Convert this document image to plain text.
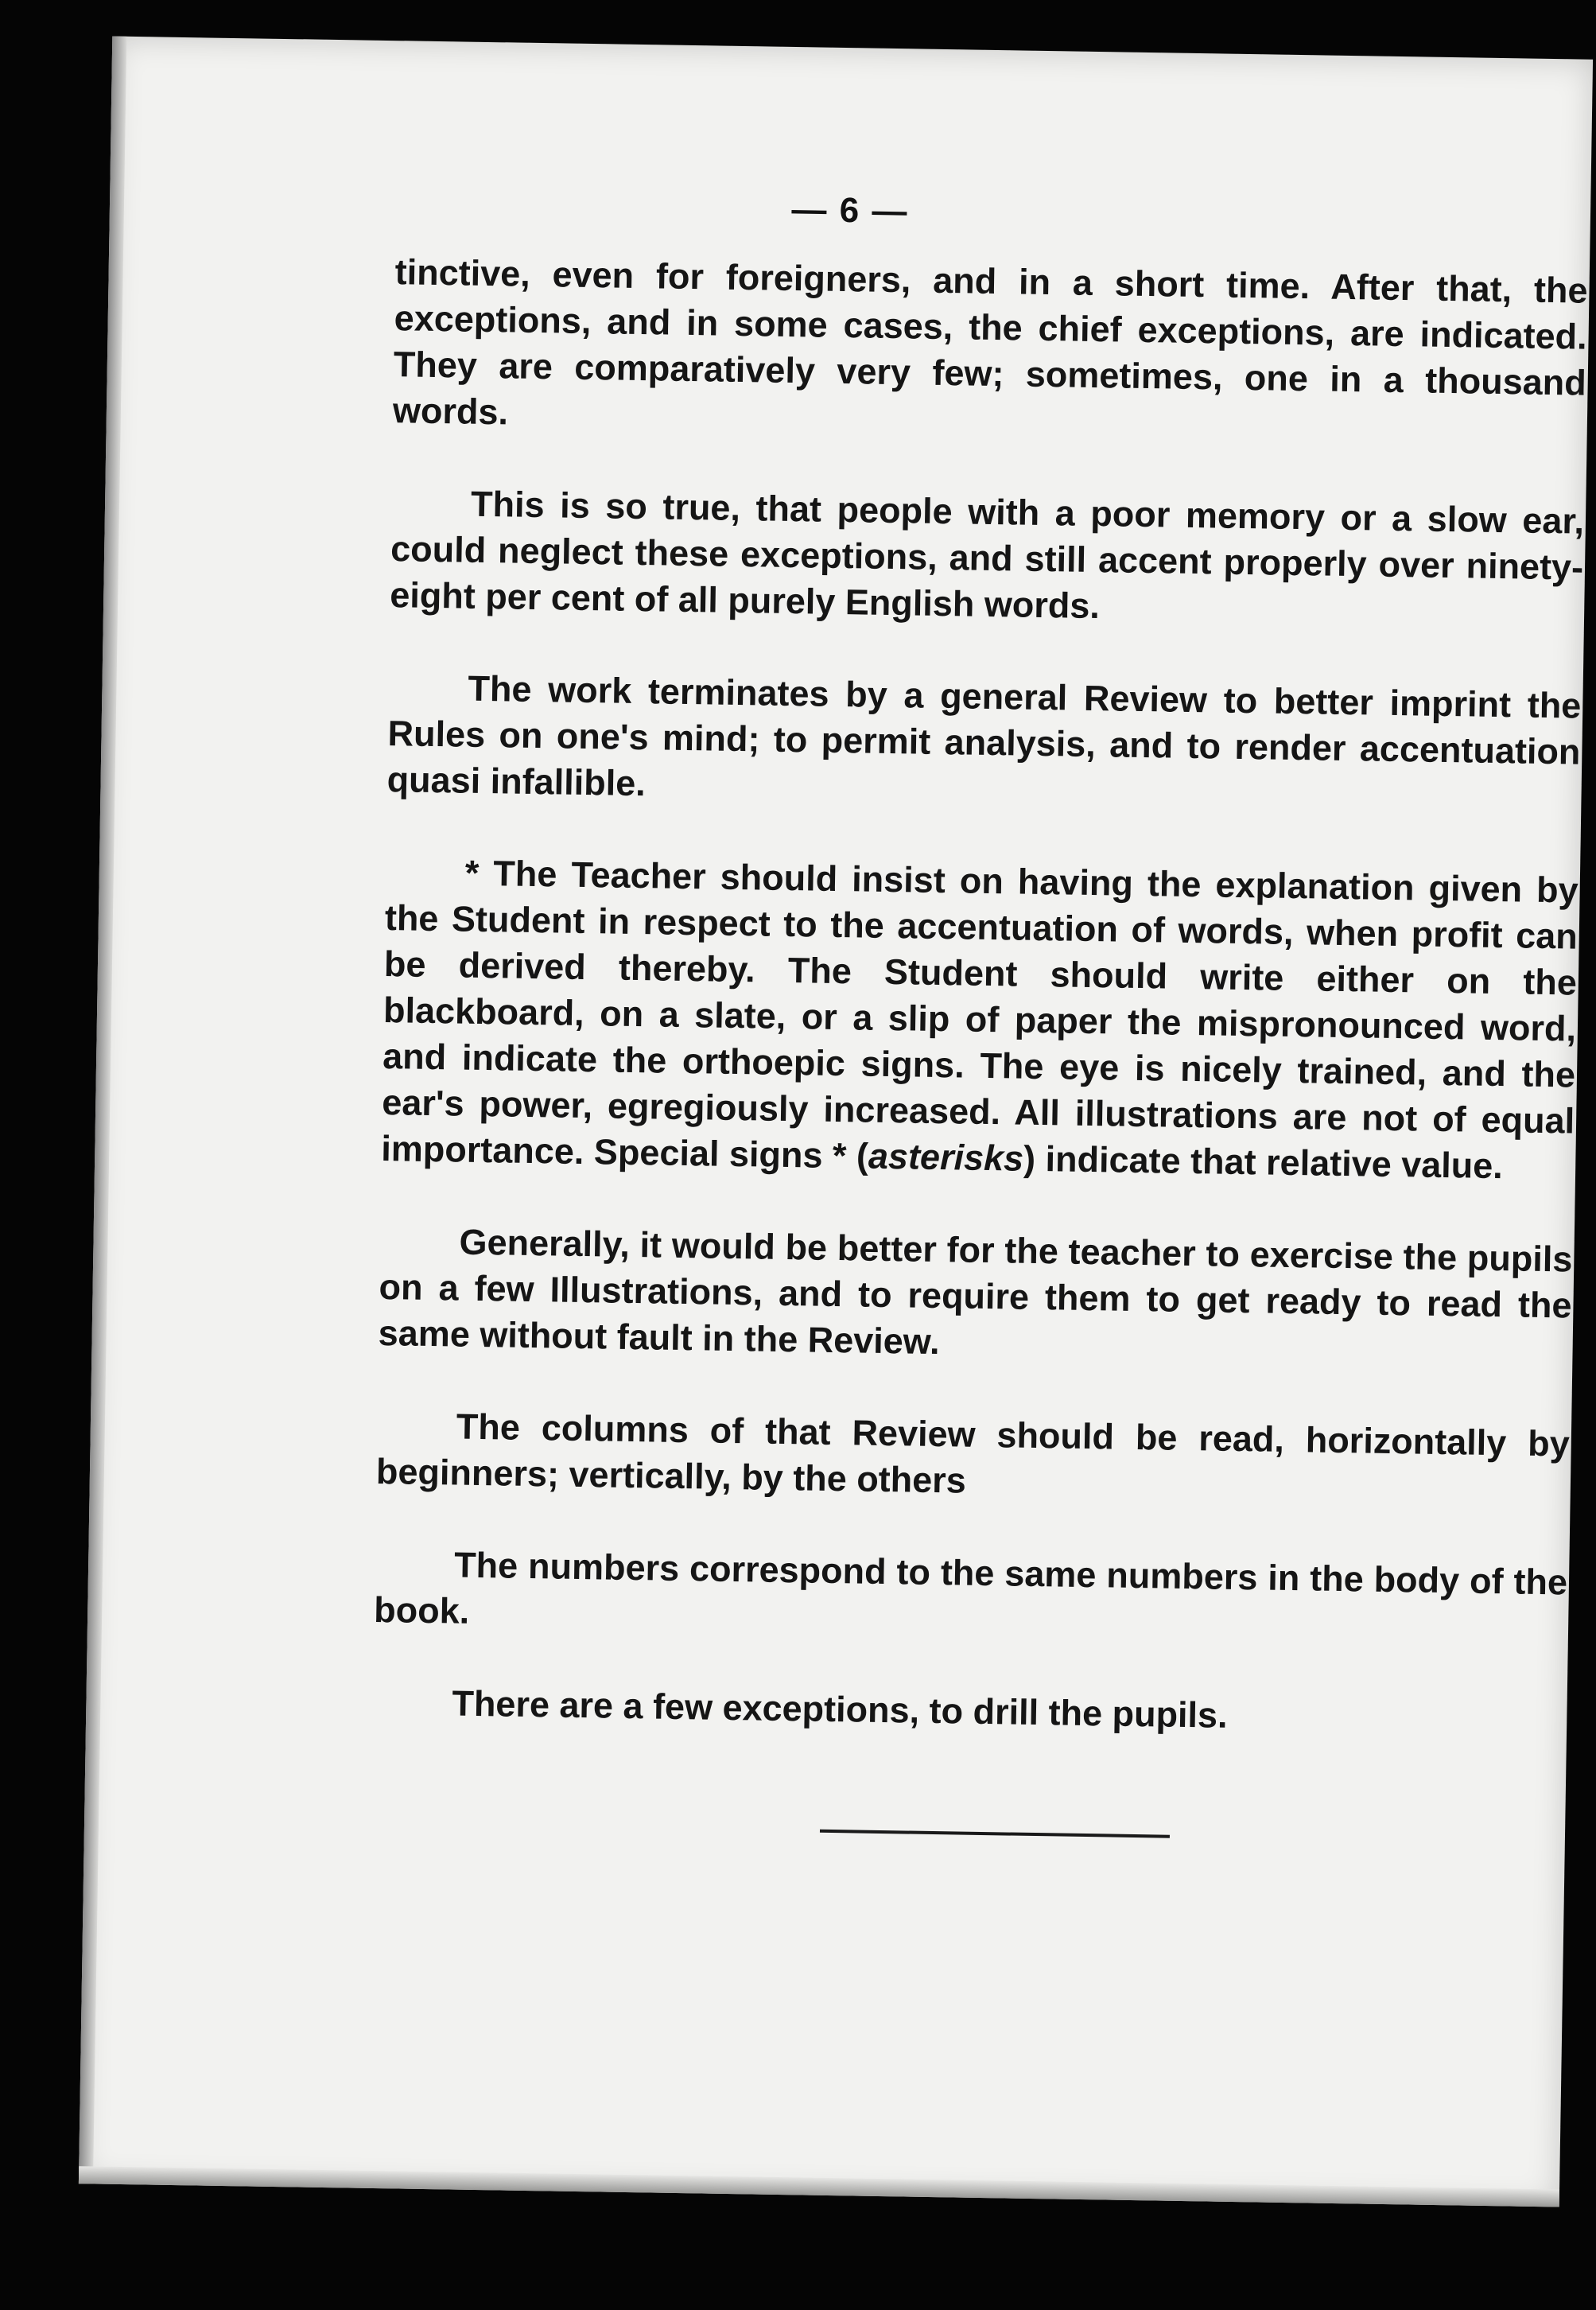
— 6 —

tinctive, even for foreigners, and in a short time. After that, the exceptions, and in some cases, the chief exceptions, are indicated. They are comparatively very few; sometimes, one in a thousand words.

This is so true, that people with a poor memory or a slow ear, could neglect these exceptions, and still accent properly over ninety-eight per cent of all purely English words.

The work terminates by a general Review to better imprint the Rules on one's mind; to permit analysis, and to render accentuation quasi infallible.

* The Teacher should insist on having the explanation given by the Student in respect to the accentuation of words, when profit can be derived thereby. The Student should write either on the blackboard, on a slate, or a slip of paper the mispronounced word, and indicate the orthoepic signs. The eye is nicely trained, and the ear's power, egregiously increased. All illustrations are not of equal importance. Special signs * (asterisks) indicate that relative value.

Generally, it would be better for the teacher to exercise the pupils on a few Illustrations, and to require them to get ready to read the same without fault in the Review.

The columns of that Review should be read, horizontally by beginners; vertically, by the others

The numbers correspond to the same numbers in the body of the book.

There are a few exceptions, to drill the pupils.
